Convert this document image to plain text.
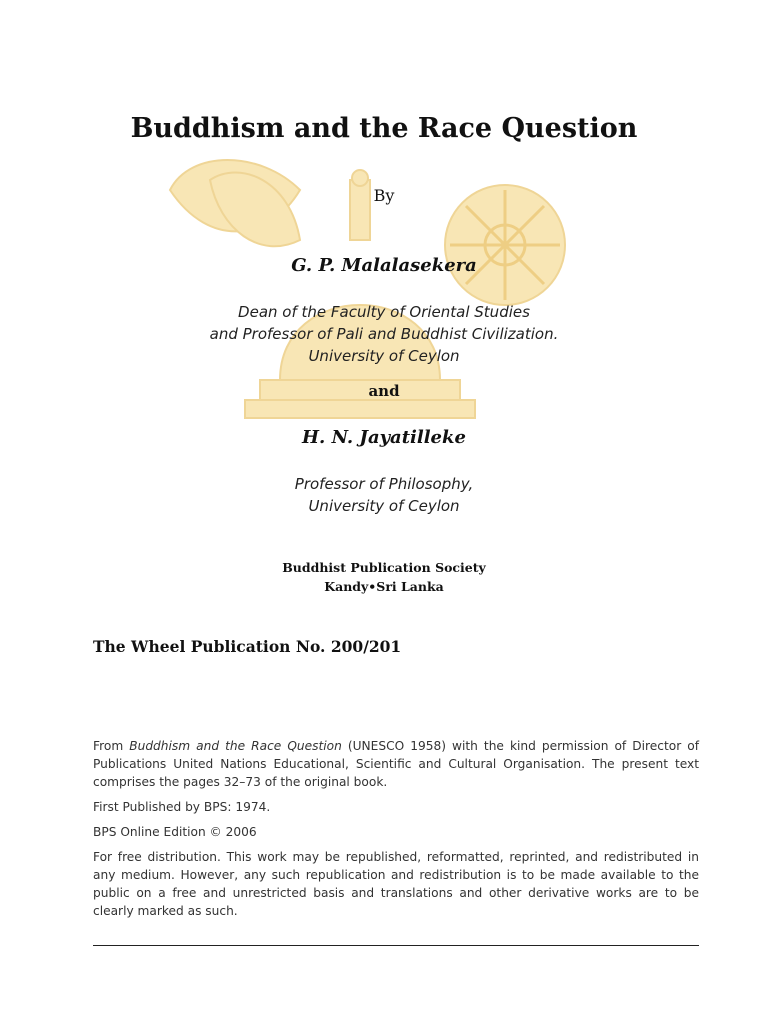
Buddhism and the Race Question
By
G. P. Malalasekera
Dean of the Faculty of Oriental Studies
and Professor of Pali and Buddhist Civilization.
University of Ceylon
and
H. N. Jayatilleke
Professor of Philosophy,
University of Ceylon
Buddhist Publication Society
Kandy•Sri Lanka
The Wheel Publication No. 200/201

From Buddhism and the Race Question (UNESCO 1958) with the kind permission of Director of Publications United Nations Educational, Scientific and Cultural Organisation. The present text comprises the pages 32–73 of the original book.

First Published by BPS: 1974.

BPS Online Edition © 2006

For free distribution. This work may be republished, reformatted, reprinted, and redistributed in any medium. However, any such republication and redistribution is to be made available to the public on a free and unrestricted basis and translations and other derivative works are to be clearly marked as such.
